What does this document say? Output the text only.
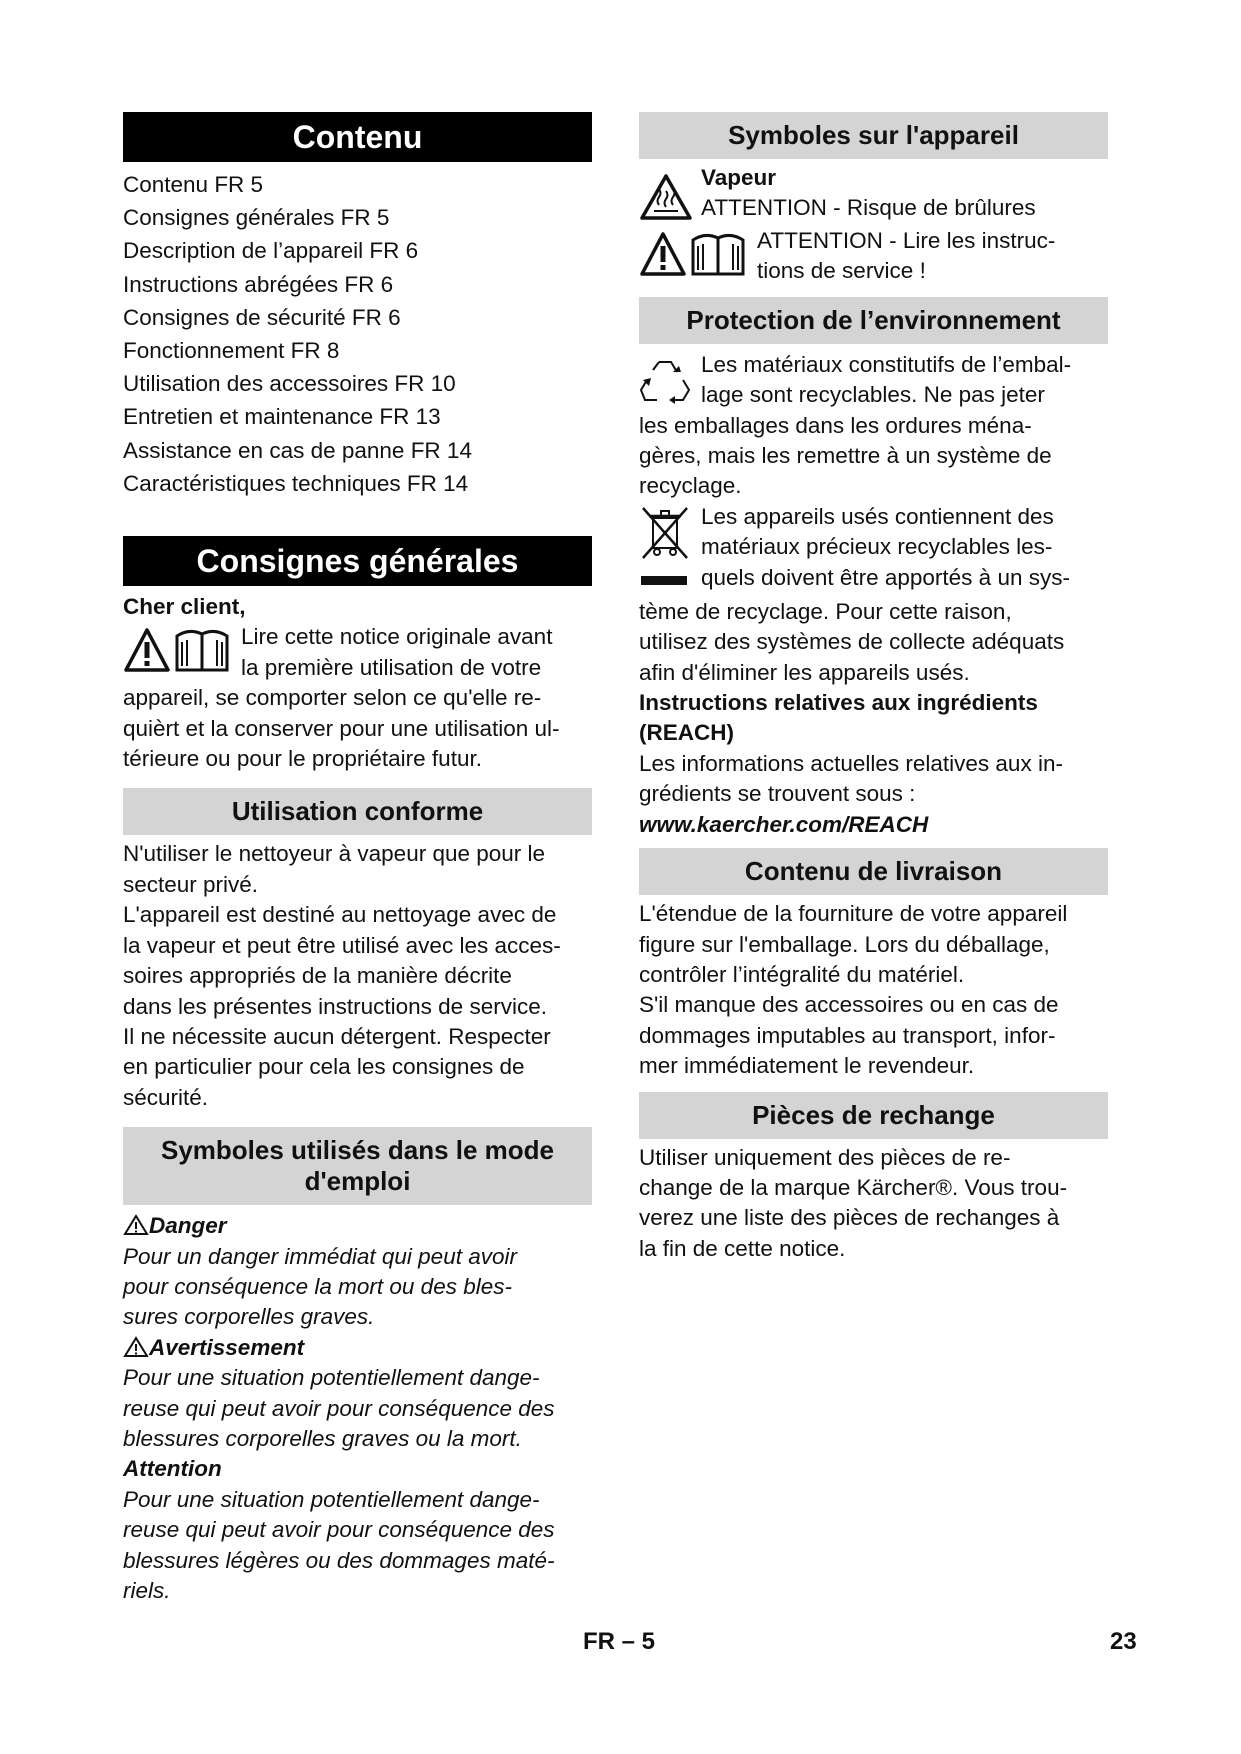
Contenu
Contenu FR 5
Consignes générales FR 5
Description de l’appareil FR 6
Instructions abrégées FR 6
Consignes de sécurité FR 6
Fonctionnement FR 8
Utilisation des accessoires FR 10
Entretien et maintenance FR 13
Assistance en cas de panne FR 14
Caractéristiques techniques FR 14
Consignes générales

Cher client,

Lire cette notice originale avant

la première utilisation de votre

appareil, se comporter selon ce qu'elle re-

quièrt et la conserver pour une utilisation ul-

térieure ou pour le propriétaire futur.

Utilisation conforme

N'utiliser le nettoyeur à vapeur que pour le

secteur privé.

L'appareil est destiné au nettoyage avec de

la vapeur et peut être utilisé avec les acces-

soires appropriés de la manière décrite

dans les présentes instructions de service.

Il ne nécessite aucun détergent. Respecter

en particulier pour cela les consignes de

sécurité.

Symboles utilisés dans le mode
d'emploi

Danger

Pour un danger immédiat qui peut avoir

pour conséquence la mort ou des bles-

sures corporelles graves.

Avertissement

Pour une situation potentiellement dange-

reuse qui peut avoir pour conséquence des

blessures corporelles graves ou la mort.

Attention

Pour une situation potentiellement dange-

reuse qui peut avoir pour conséquence des

blessures légères ou des dommages maté-

riels.

Symboles sur l'appareil

Vapeur

ATTENTION - Risque de brûlures

ATTENTION - Lire les instruc-

tions de service !

Protection de l’environnement

Les matériaux constitutifs de l’embal-

lage sont recyclables. Ne pas jeter

les emballages dans les ordures ména-

gères, mais les remettre à un système de

recyclage.

Les appareils usés contiennent des

matériaux précieux recyclables les-

quels doivent être apportés à un sys-

tème de recyclage. Pour cette raison,

utilisez des systèmes de collecte adéquats

afin d'éliminer les appareils usés.

Instructions relatives aux ingrédients

(REACH)

Les informations actuelles relatives aux in-

grédients se trouvent sous :

www.kaercher.com/REACH

Contenu de livraison

L'étendue de la fourniture de votre appareil

figure sur l'emballage. Lors du déballage,

contrôler l’intégralité du matériel.

S'il manque des accessoires ou en cas de

dommages imputables au transport, infor-

mer immédiatement le revendeur.

Pièces de rechange

Utiliser uniquement des pièces de re-

change de la marque Kärcher®. Vous trou-

verez une liste des pièces de rechanges à

la fin de cette notice.

FR – 5	23
